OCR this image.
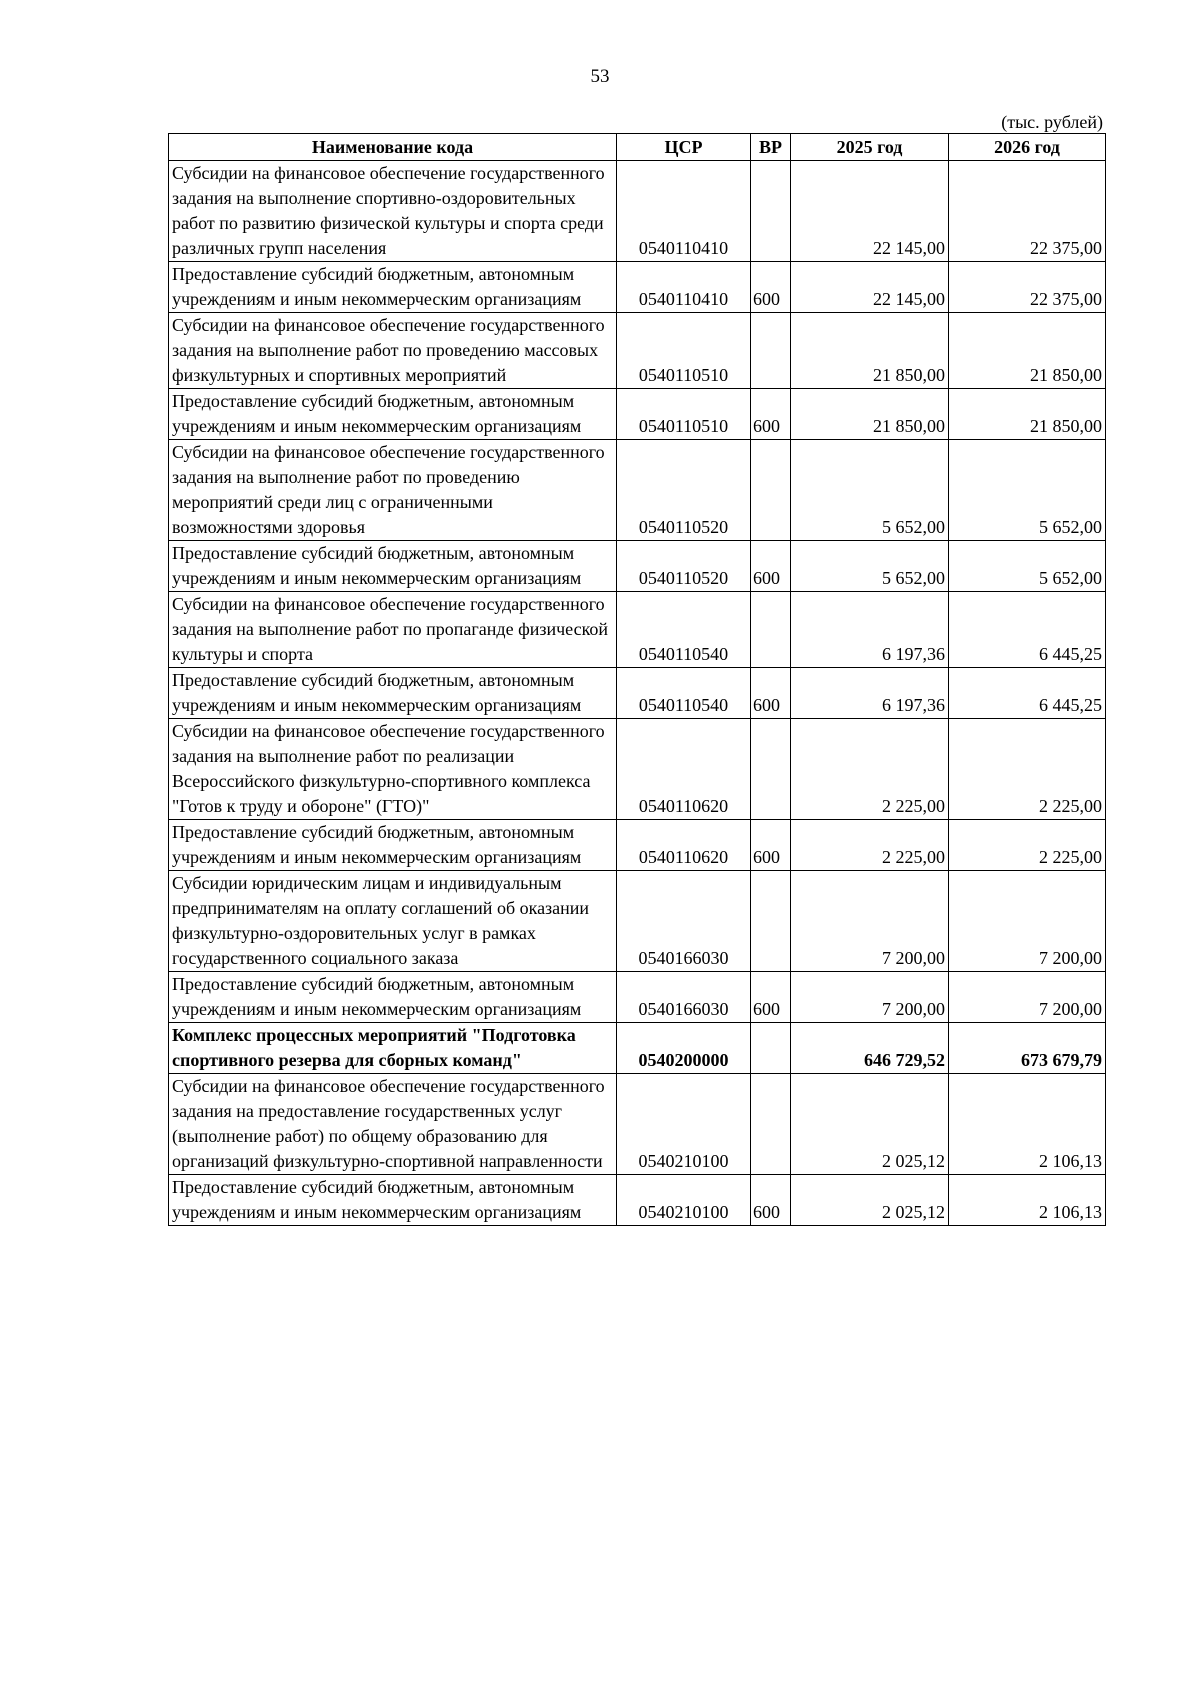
53
(тыс. рублей)
Наименование кода	ЦСР	ВР	2025 год	2026 год
Субсидии на финансовое обеспечение государственного задания на выполнение спортивно-оздоровительных работ по развитию физической культуры и спорта среди различных групп населения	0540110410		22 145,00	22 375,00
Предоставление субсидий бюджетным, автономным учреждениям и иным некоммерческим организациям	0540110410	600	22 145,00	22 375,00
Субсидии на финансовое обеспечение государственного задания на выполнение работ по проведению массовых физкультурных и спортивных мероприятий	0540110510		21 850,00	21 850,00
Предоставление субсидий бюджетным, автономным учреждениям и иным некоммерческим организациям	0540110510	600	21 850,00	21 850,00
Субсидии на финансовое обеспечение государственного задания на выполнение работ по проведению мероприятий среди лиц с ограниченными возможностями здоровья	0540110520		5 652,00	5 652,00
Предоставление субсидий бюджетным, автономным учреждениям и иным некоммерческим организациям	0540110520	600	5 652,00	5 652,00
Субсидии на финансовое обеспечение государственного задания на выполнение работ по пропаганде физической культуры и спорта	0540110540		6 197,36	6 445,25
Предоставление субсидий бюджетным, автономным учреждениям и иным некоммерческим организациям	0540110540	600	6 197,36	6 445,25
Субсидии на финансовое обеспечение государственного задания на выполнение работ по реализации Всероссийского физкультурно-спортивного комплекса "Готов к труду и обороне" (ГТО)"	0540110620		2 225,00	2 225,00
Предоставление субсидий бюджетным, автономным учреждениям и иным некоммерческим организациям	0540110620	600	2 225,00	2 225,00
Субсидии юридическим лицам и индивидуальным предпринимателям на оплату соглашений об оказании физкультурно-оздоровительных услуг в рамках государственного социального заказа	0540166030		7 200,00	7 200,00
Предоставление субсидий бюджетным, автономным учреждениям и иным некоммерческим организациям	0540166030	600	7 200,00	7 200,00
Комплекс процессных мероприятий "Подготовка спортивного резерва для сборных команд"	0540200000		646 729,52	673 679,79
Субсидии на финансовое обеспечение государственного задания на предоставление государственных услуг (выполнение работ) по общему образованию для организаций физкультурно-спортивной направленности	0540210100		2 025,12	2 106,13
Предоставление субсидий бюджетным, автономным учреждениям и иным некоммерческим организациям	0540210100	600	2 025,12	2 106,13
